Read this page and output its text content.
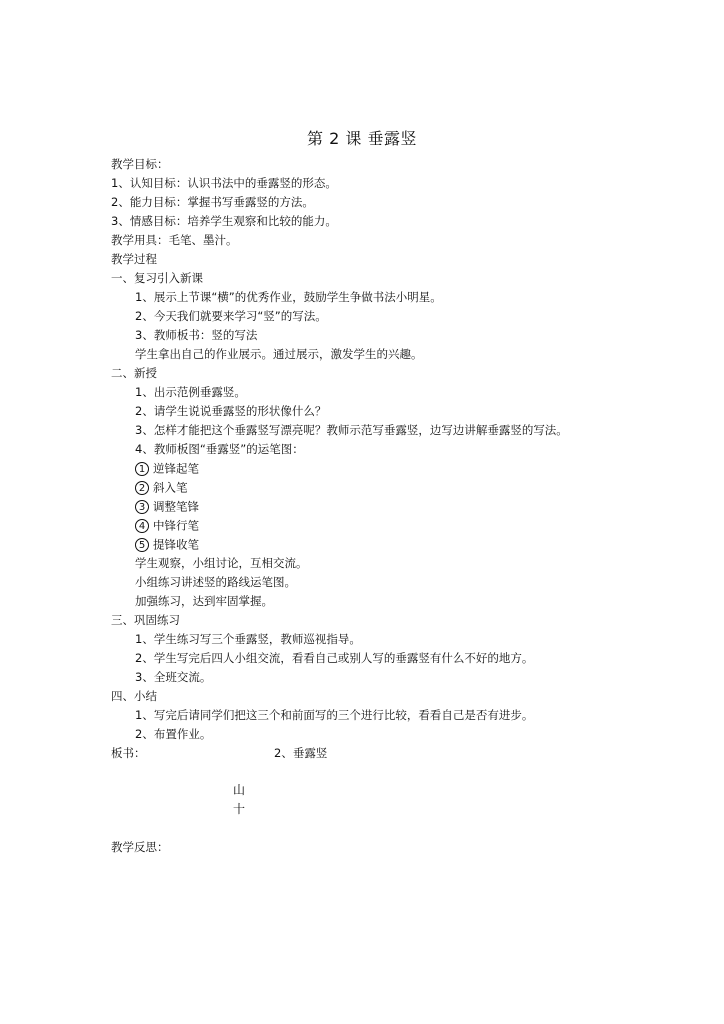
第 2 课 垂露竖
教学目标：
1、认知目标：认识书法中的垂露竖的形态。
2、能力目标：掌握书写垂露竖的方法。
3、情感目标：培养学生观察和比较的能力。
教学用具：毛笔、墨汁。
教学过程
一、复习引入新课
1、展示上节课“横”的优秀作业，鼓励学生争做书法小明星。
2、今天我们就要来学习“竖”的写法。
3、教师板书：竖的写法
学生拿出自己的作业展示。通过展示，激发学生的兴趣。
二、新授
1、出示范例垂露竖。
2、请学生说说垂露竖的形状像什么？
3、怎样才能把这个垂露竖写漂亮呢？教师示范写垂露竖，边写边讲解垂露竖的写法。
4、教师板图“垂露竖”的运笔图：
1 逆锋起笔
2 斜入笔
3 调整笔锋
4 中锋行笔
5 提锋收笔
学生观察，小组讨论，互相交流。
小组练习讲述竖的路线运笔图。
加强练习，达到牢固掌握。
三、巩固练习
1、学生练习写三个垂露竖，教师巡视指导。
2、学生写完后四人小组交流，看看自己或别人写的垂露竖有什么不好的地方。
3、全班交流。
四、小结
1、写完后请同学们把这三个和前面写的三个进行比较，看看自己是否有进步。
2、布置作业。
板书：	2、垂露竖
山
十
教学反思：
